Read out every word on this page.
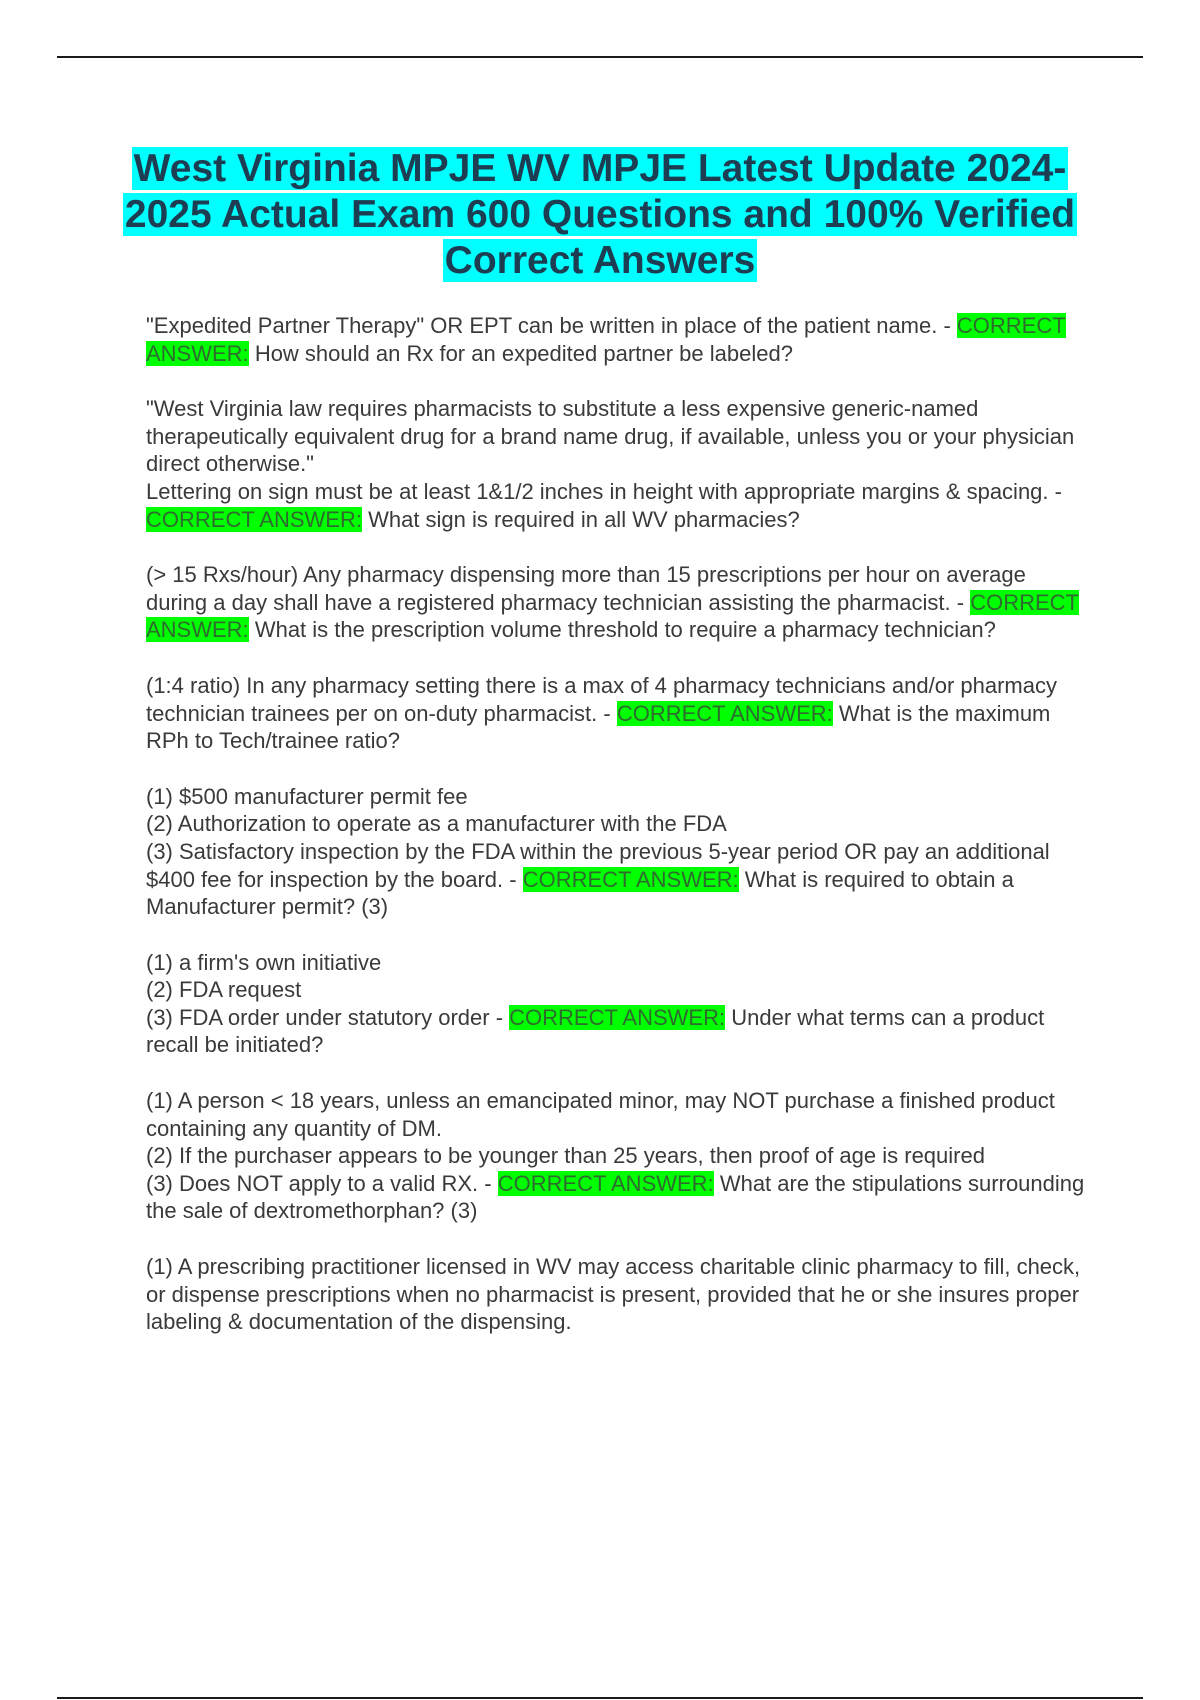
West Virginia MPJE WV MPJE Latest Update 2024-2025 Actual Exam 600 Questions and 100% Verified Correct Answers
"Expedited Partner Therapy" OR EPT can be written in place of the patient name. - CORRECT ANSWER: How should an Rx for an expedited partner be labeled?
"West Virginia law requires pharmacists to substitute a less expensive generic-named therapeutically equivalent drug for a brand name drug, if available, unless you or your physician direct otherwise."
Lettering on sign must be at least 1&1/2 inches in height with appropriate margins & spacing. - CORRECT ANSWER: What sign is required in all WV pharmacies?
(> 15 Rxs/hour) Any pharmacy dispensing more than 15 prescriptions per hour on average during a day shall have a registered pharmacy technician assisting the pharmacist. - CORRECT ANSWER: What is the prescription volume threshold to require a pharmacy technician?
(1:4 ratio) In any pharmacy setting there is a max of 4 pharmacy technicians and/or pharmacy technician trainees per on on-duty pharmacist. - CORRECT ANSWER: What is the maximum RPh to Tech/trainee ratio?
(1) $500 manufacturer permit fee
(2) Authorization to operate as a manufacturer with the FDA
(3) Satisfactory inspection by the FDA within the previous 5-year period OR pay an additional $400 fee for inspection by the board. - CORRECT ANSWER: What is required to obtain a Manufacturer permit? (3)
(1) a firm's own initiative
(2) FDA request
(3) FDA order under statutory order - CORRECT ANSWER: Under what terms can a product recall be initiated?
(1) A person < 18 years, unless an emancipated minor, may NOT purchase a finished product containing any quantity of DM.
(2) If the purchaser appears to be younger than 25 years, then proof of age is required
(3) Does NOT apply to a valid RX. - CORRECT ANSWER: What are the stipulations surrounding the sale of dextromethorphan? (3)
(1) A prescribing practitioner licensed in WV may access charitable clinic pharmacy to fill, check, or dispense prescriptions when no pharmacist is present, provided that he or she insures proper labeling & documentation of the dispensing.
